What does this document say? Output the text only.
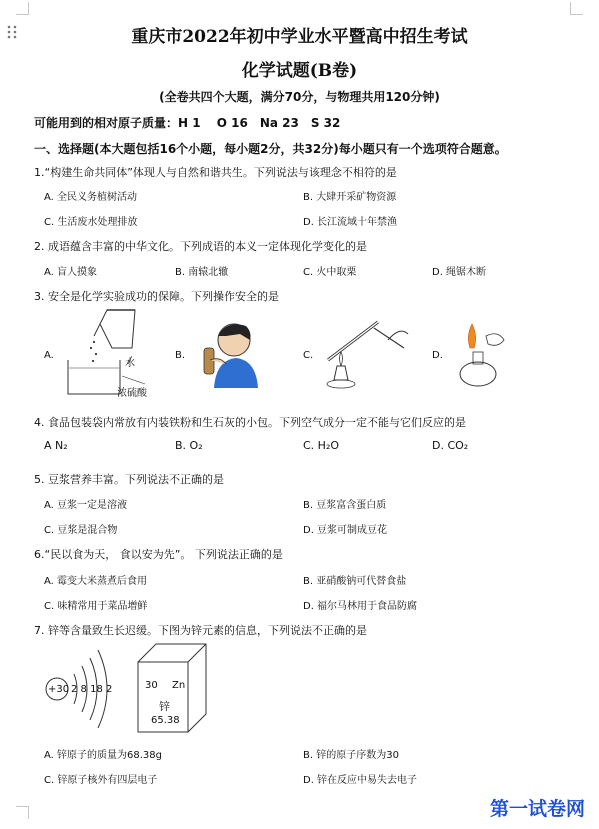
重庆市2022年初中学业水平暨高中招生考试
化学试题(B卷)
(全卷共四个大题，满分70分，与物理共用120分钟)
可能用到的相对原子质量：H 1　 O 16　Na 23　S 32
一、选择题(本大题包括16个小题，每小题2分，共32分)每小题只有一个选项符合题意。
1.“构建生命共同体”体现人与自然和谐共生。下列说法与该理念不相符的是
A. 全民义务植树活动	B. 大肆开采矿物资源
C. 生活废水处理排放	D. 长江流域十年禁渔
2. 成语蕴含丰富的中华文化。下列成语的本义一定体现化学变化的是
A. 盲人摸象	B. 南辕北辙	C. 火中取栗	D. 绳锯木断
3. 安全是化学实验成功的保障。下列操作安全的是
A.	B.	C.	D.
水
浓硫酸
4. 食品包装袋内常放有内装铁粉和生石灰的小包。下列空气成分一定不能与它们反应的是
A N₂	B. O₂	C. H₂O	D. CO₂
5. 豆浆营养丰富。下列说法不正确的是
A. 豆浆一定是溶液	B. 豆浆富含蛋白质
C. 豆浆是混合物	D. 豆浆可制成豆花
6.“民以食为天， 食以安为先”。 下列说法正确的是
A. 霉变大米蒸煮后食用	B. 亚硝酸钠可代替食盐
C. 味精常用于菜品增鲜	D. 福尔马林用于食品防腐
7. 锌等含量致生长迟缓。下图为锌元素的信息，下列说法不正确的是
+30 2 8 18 2	30 Zn
锌
65.38
A. 锌原子的质量为68.38g	B. 锌的原子序数为30
C. 锌原子核外有四层电子	D. 锌在反应中易失去电子
第一试卷网
